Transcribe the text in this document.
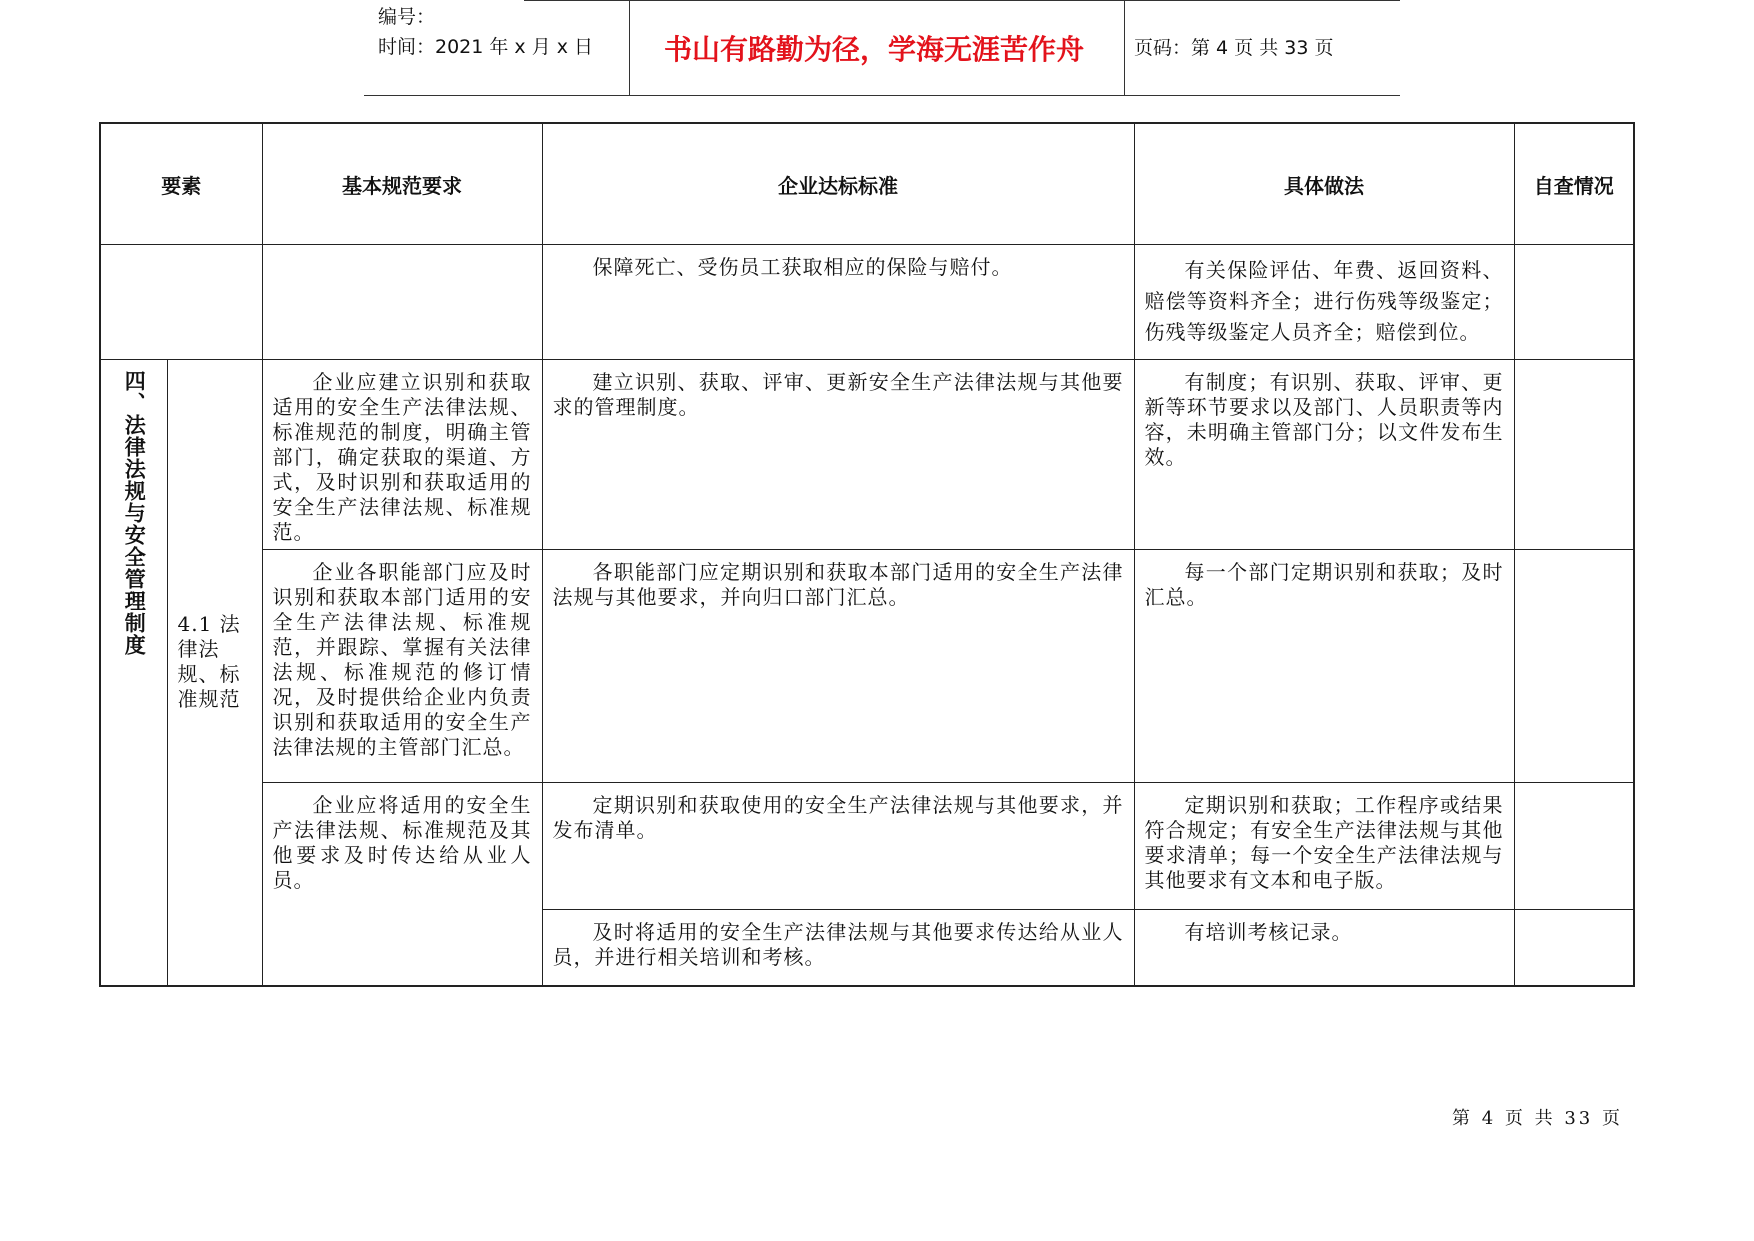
编号：
时间：2021 年 x 月 x 日	书山有路勤为径，学海无涯苦作舟	页码：第 4 页 共 33 页
要素		基本规范要求	企业达标标准	具体做法	自查情况

			保障死亡、受伤员工获取相应的保险与赔付。	有关保险评估、年费、返回资料、赔偿等资料齐全；进行伤残等级鉴定；伤残等级鉴定人员齐全；赔偿到位。	

四、法律法规与安全管理制度	4.1 法律法规、标准规范	企业应建立识别和获取适用的安全生产法律法规、标准规范的制度，明确主管部门，确定获取的渠道、方式，及时识别和获取适用的安全生产法律法规、标准规范。	建立识别、获取、评审、更新安全生产法律法规与其他要求的管理制度。	有制度；有识别、获取、评审、更新等环节要求以及部门、人员职责等内容，未明确主管部门分；以文件发布生效。	

		企业各职能部门应及时识别和获取本部门适用的安全生产法律法规、标准规范，并跟踪、掌握有关法律法规、标准规范的修订情况，及时提供给企业内负责识别和获取适用的安全生产法律法规的主管部门汇总。	各职能部门应定期识别和获取本部门适用的安全生产法律法规与其他要求，并向归口部门汇总。	每一个部门定期识别和获取；及时汇总。	

		企业应将适用的安全生产法律法规、标准规范及其他要求及时传达给从业人员。	定期识别和获取使用的安全生产法律法规与其他要求，并发布清单。	定期识别和获取；工作程序或结果符合规定；有安全生产法律法规与其他要求清单；每一个安全生产法律法规与其他要求有文本和电子版。	

			及时将适用的安全生产法律法规与其他要求传达给从业人员，并进行相关培训和考核。	有培训考核记录。	

第 4 页 共 33 页
